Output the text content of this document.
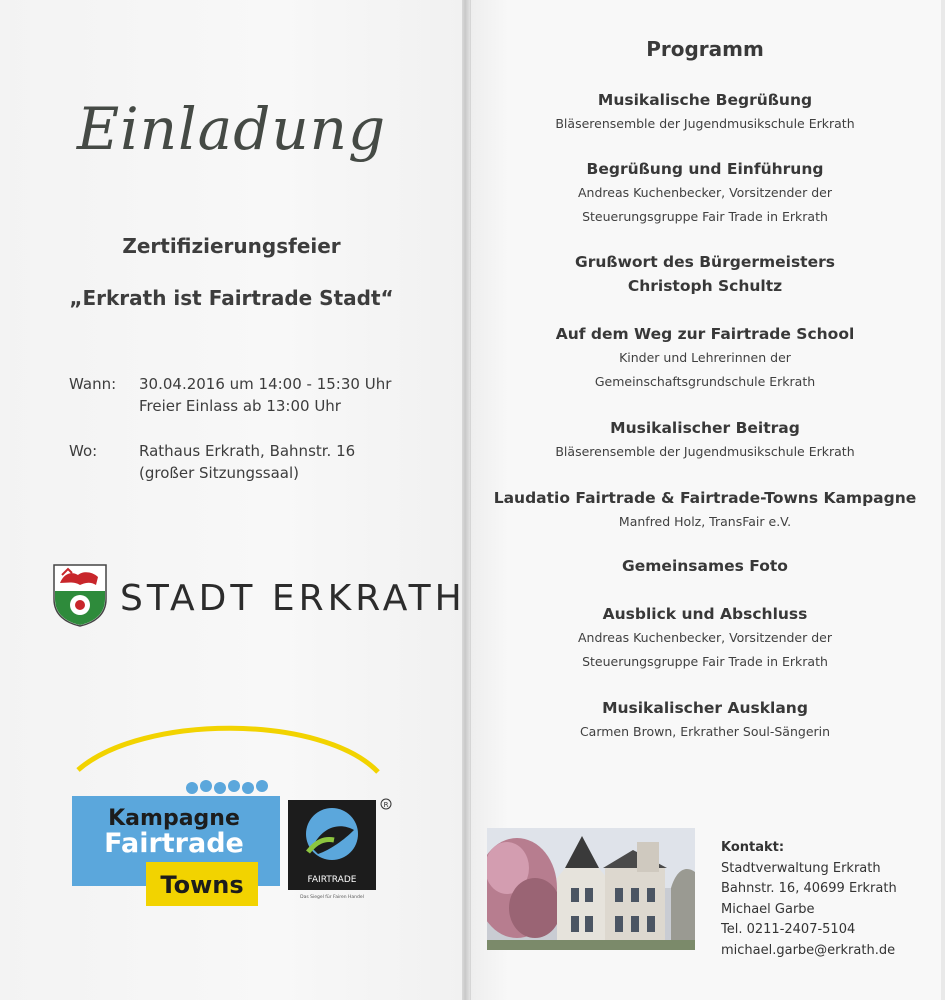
Einladung
Zertifizierungsfeier
„Erkrath ist Fairtrade Stadt“
Wann: 30.04.2016 um 14:00 - 15:30 Uhr
Freier Einlass ab 13:00 Uhr
Wo:	Rathaus Erkrath, Bahnstr. 16
(großer Sitzungssaal)
STADT ERKRATH
R
Kampagne
Fairtrade
Towns	FAIRTRADE
Das Siegel für Fairen Handel
Programm
Musikalische Begrüßung
Bläserensemble der Jugendmusikschule Erkrath
Begrüßung und Einführung
Andreas Kuchenbecker, Vorsitzender der
Steuerungsgruppe Fair Trade in Erkrath
Grußwort des Bürgermeisters
Christoph Schultz
Auf dem Weg zur Fairtrade School
Kinder und Lehrerinnen der
Gemeinschaftsgrundschule Erkrath
Musikalischer Beitrag
Bläserensemble der Jugendmusikschule Erkrath
Laudatio Fairtrade & Fairtrade-Towns Kampagne
Manfred Holz, TransFair e.V.
Gemeinsames Foto
Ausblick und Abschluss
Andreas Kuchenbecker, Vorsitzender der
Steuerungsgruppe Fair Trade in Erkrath
Musikalischer Ausklang
Carmen Brown, Erkrather Soul-Sängerin
Kontakt:
Stadtverwaltung Erkrath
Bahnstr. 16, 40699 Erkrath
Michael Garbe
Tel. 0211-2407-5104
michael.garbe@erkrath.de
